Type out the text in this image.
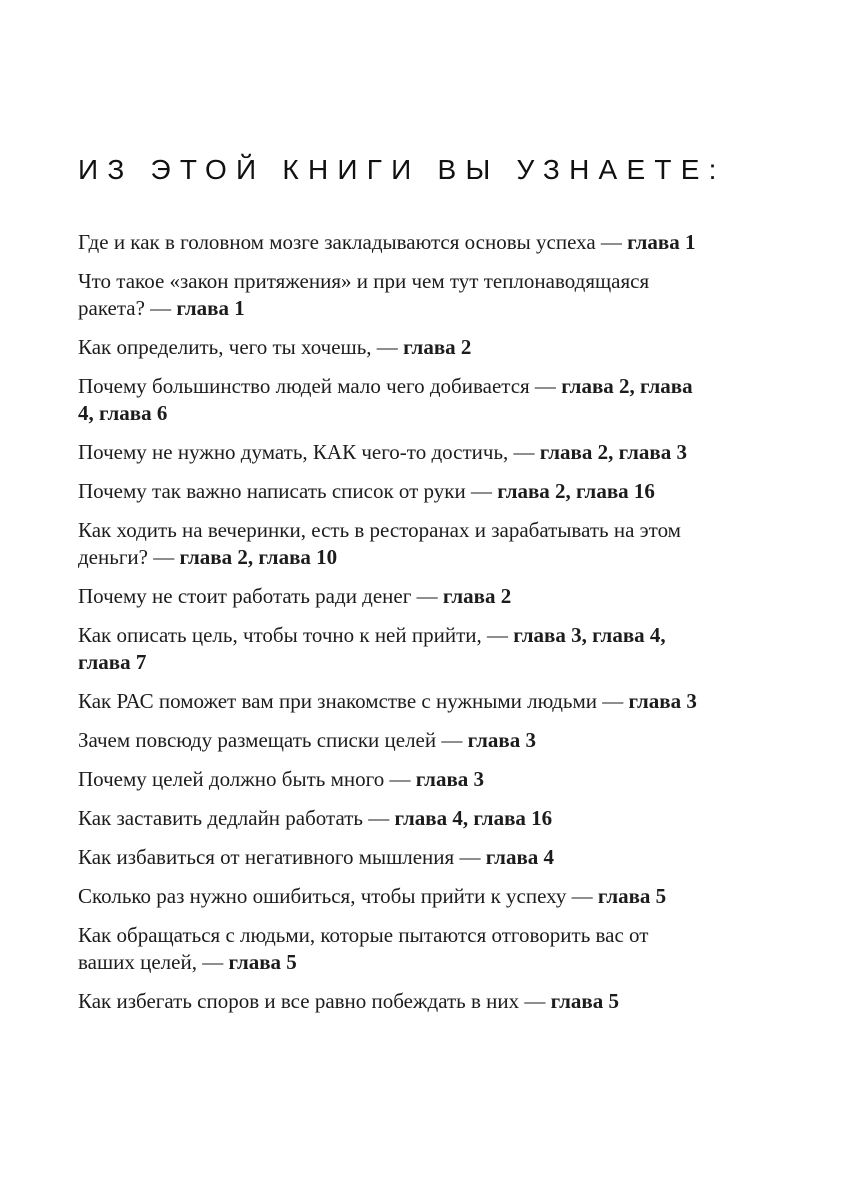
ИЗ ЭТОЙ КНИГИ ВЫ УЗНАЕТЕ:

Где и как в головном мозге закладываются основы успеха — глава 1

Что такое «закон притяжения» и при чем тут теплонаводящаяся ракета? — глава 1

Как определить, чего ты хочешь, — глава 2

Почему большинство людей мало чего добивается — глава 2, глава 4, глава 6

Почему не нужно думать, КАК чего-то достичь, — глава 2, глава 3

Почему так важно написать список от руки — глава 2, глава 16

Как ходить на вечеринки, есть в ресторанах и зарабатывать на этом деньги? — глава 2, глава 10

Почему не стоит работать ради денег — глава 2

Как описать цель, чтобы точно к ней прийти, — глава 3, глава 4, глава 7

Как РАС поможет вам при знакомстве с нужными людьми — глава 3

Зачем повсюду размещать списки целей — глава 3

Почему целей должно быть много — глава 3

Как заставить дедлайн работать — глава 4, глава 16

Как избавиться от негативного мышления — глава 4

Сколько раз нужно ошибиться, чтобы прийти к успеху — глава 5

Как обращаться с людьми, которые пытаются отговорить вас от ваших целей, — глава 5

Как избегать споров и все равно побеждать в них — глава 5
